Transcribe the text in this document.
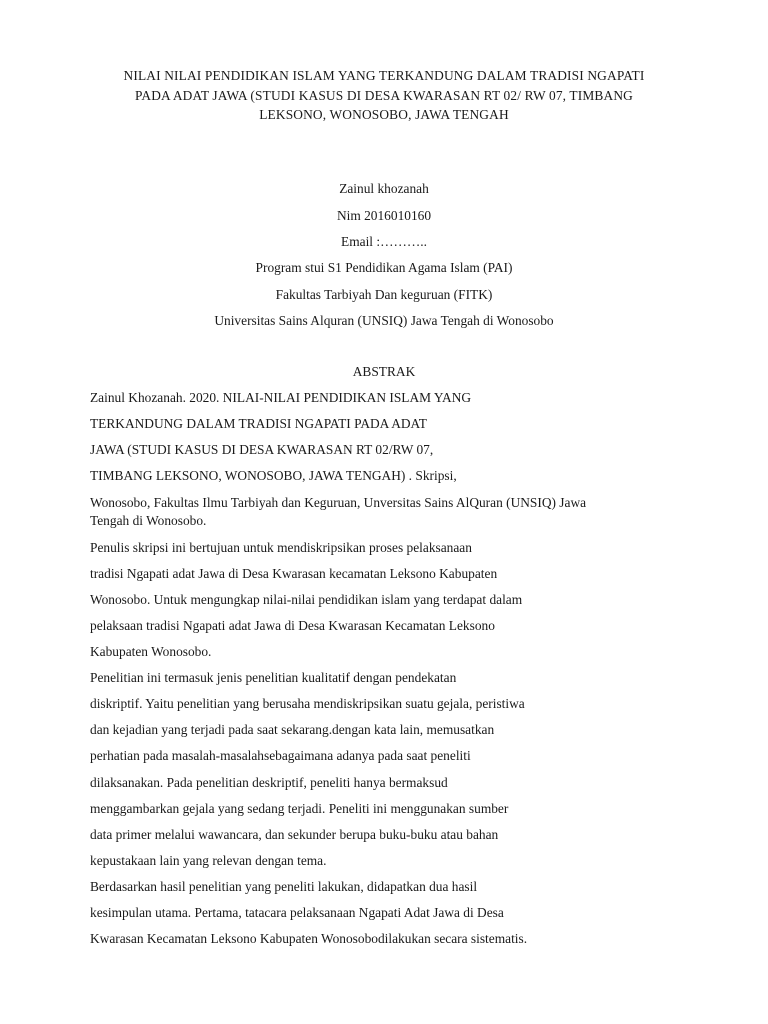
NILAI NILAI PENDIDIKAN ISLAM YANG TERKANDUNG DALAM TRADISI NGAPATI
PADA ADAT JAWA (STUDI KASUS DI DESA KWARASAN RT 02/ RW 07, TIMBANG
LEKSONO, WONOSOBO, JAWA TENGAH
Zainul khozanah
Nim 2016010160
Email :………..
Program stui S1 Pendidikan Agama Islam (PAI)
Fakultas Tarbiyah Dan keguruan (FITK)
Universitas Sains Alquran (UNSIQ) Jawa Tengah di Wonosobo
ABSTRAK
Zainul Khozanah. 2020. NILAI-NILAI PENDIDIKAN ISLAM YANG
TERKANDUNG DALAM TRADISI NGAPATI PADA ADAT
JAWA (STUDI KASUS DI DESA KWARASAN RT 02/RW 07,
TIMBANG LEKSONO, WONOSOBO, JAWA TENGAH) . Skripsi,
Wonosobo, Fakultas Ilmu Tarbiyah dan Keguruan, Unversitas Sains AlQuran (UNSIQ) Jawa
Tengah di Wonosobo.
Penulis skripsi ini bertujuan untuk mendiskripsikan proses pelaksanaan
tradisi Ngapati adat Jawa di Desa Kwarasan kecamatan Leksono Kabupaten
Wonosobo. Untuk mengungkap nilai-nilai pendidikan islam yang terdapat dalam
pelaksaan tradisi Ngapati adat Jawa di Desa Kwarasan Kecamatan Leksono
Kabupaten Wonosobo.
Penelitian ini termasuk jenis penelitian kualitatif dengan pendekatan
diskriptif. Yaitu penelitian yang berusaha mendiskripsikan suatu gejala, peristiwa
dan kejadian yang terjadi pada saat sekarang.dengan kata lain, memusatkan
perhatian pada masalah-masalahsebagaimana adanya pada saat peneliti
dilaksanakan. Pada penelitian deskriptif, peneliti hanya bermaksud
menggambarkan gejala yang sedang terjadi. Peneliti ini menggunakan sumber
data primer melalui wawancara, dan sekunder berupa buku-buku atau bahan
kepustakaan lain yang relevan dengan tema.
Berdasarkan hasil penelitian yang peneliti lakukan, didapatkan dua hasil
kesimpulan utama. Pertama, tatacara pelaksanaan Ngapati Adat Jawa di Desa
Kwarasan Kecamatan Leksono Kabupaten Wonosobodilakukan secara sistematis.
